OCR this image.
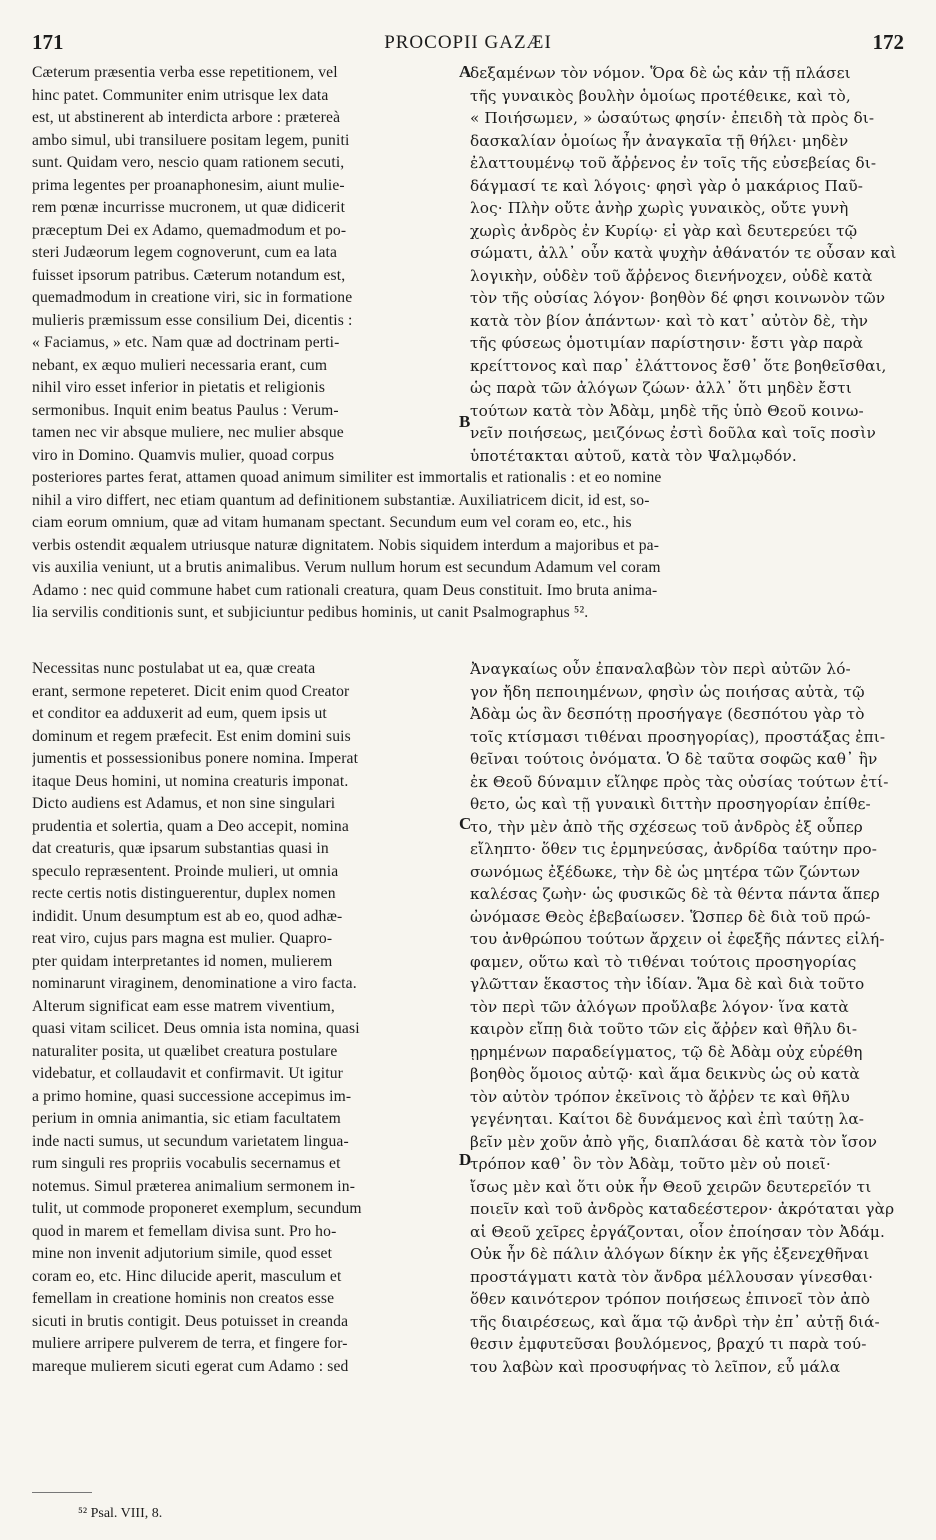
171	PROCOPII GAZÆI	172
Cæterum præsentia verba esse repetitionem, vel
hinc patet. Communiter enim utrisque lex data
est, ut abstinerent ab interdicta arbore : prætereà
ambo simul, ubi transiluere positam legem, puniti
sunt. Quidam vero, nescio quam rationem secuti,
prima legentes per proanaphonesim, aiunt mulie-
rem pœnæ incurrisse mucronem, ut quæ didicerit
præceptum Dei ex Adamo, quemadmodum et po-
steri Judæorum legem cognoverunt, cum ea lata
fuisset ipsorum patribus. Cæterum notandum est,
quemadmodum in creatione viri, sic in formatione
mulieris præmissum esse consilium Dei, dicentis :
« Faciamus, » etc. Nam quæ ad doctrinam perti-
nebant, ex æquo mulieri necessaria erant, cum
nihil viro esset inferior in pietatis et religionis
sermonibus. Inquit enim beatus Paulus : Verum-
tamen nec vir absque muliere, nec mulier absque
viro in Domino. Quamvis mulier, quoad corpus
δεξαμένων τὸν νόμον. Ὅρα δὲ ὡς κἀν τῇ πλάσει
τῆς γυναικὸς βουλὴν ὁμοίως προτέθεικε, καὶ τὸ,
« Ποιήσωμεν, » ὡσαύτως φησίν· ἐπειδὴ τὰ πρὸς δι-
δασκαλίαν ὁμοίως ἦν ἀναγκαῖα τῇ θήλει· μηδὲν
ἐλαττουμένῳ τοῦ ἄῤῥενος ἐν τοῖς τῆς εὐσεβείας δι-
δάγμασί τε καὶ λόγοις· φησὶ γὰρ ὁ μακάριος Παῦ-
λος· Πλὴν οὔτε ἀνὴρ χωρὶς γυναικὸς, οὔτε γυνὴ
χωρὶς ἀνδρὸς ἐν Κυρίῳ· εἰ γὰρ καὶ δευτερεύει τῷ
σώματι, ἀλλ᾽ οὖν κατὰ ψυχὴν ἀθάνατόν τε οὖσαν καὶ
λογικὴν, οὐδὲν τοῦ ἄῤῥενος διενήνοχεν, οὐδὲ κατὰ
τὸν τῆς οὐσίας λόγον· βοηθὸν δέ φησι κοινωνὸν τῶν
κατὰ τὸν βίον ἁπάντων· καὶ τὸ κατ᾽ αὐτὸν δὲ, τὴν
τῆς φύσεως ὁμοτιμίαν παρίστησιν· ἔστι γὰρ παρὰ
κρείττονος καὶ παρ᾽ ἐλάττονος ἔσθ᾽ ὅτε βοηθεῖσθαι,
ὡς παρὰ τῶν ἀλόγων ζώων· ἀλλ᾽ ὅτι μηδὲν ἔστι
τούτων κατὰ τὸν Ἀδὰμ, μηδὲ τῆς ὑπὸ Θεοῦ κοινω-
νεῖν ποιήσεως, μειζόνως ἐστὶ δοῦλα καὶ τοῖς ποσὶν
ὑποτέτακται αὐτοῦ, κατὰ τὸν Ψαλμῳδόν.
A
B
posteriores partes ferat, attamen quoad animum similiter est immortalis et rationalis : et eo nomine
nihil a viro differt, nec etiam quantum ad definitionem substantiæ. Auxiliatricem dicit, id est, so-
ciam eorum omnium, quæ ad vitam humanam spectant. Secundum eum vel coram eo, etc., his
verbis ostendit æqualem utriusque naturæ dignitatem. Nobis siquidem interdum a majoribus et pa-
vis auxilia veniunt, ut a brutis animalibus. Verum nullum horum est secundum Adamum vel coram
Adamo : nec quid commune habet cum rationali creatura, quam Deus constituit. Imo bruta anima-
lia servilis conditionis sunt, et subjiciuntur pedibus hominis, ut canit Psalmographus ⁵².
Necessitas nunc postulabat ut ea, quæ creata
erant, sermone repeteret. Dicit enim quod Creator
et conditor ea adduxerit ad eum, quem ipsis ut
dominum et regem præfecit. Est enim domini suis
jumentis et possessionibus ponere nomina. Imperat
itaque Deus homini, ut nomina creaturis imponat.
Dicto audiens est Adamus, et non sine singulari
prudentia et solertia, quam a Deo accepit, nomina
dat creaturis, quæ ipsarum substantias quasi in
speculo repræsentent. Proinde mulieri, ut omnia
recte certis notis distinguerentur, duplex nomen
indidit. Unum desumptum est ab eo, quod adhæ-
reat viro, cujus pars magna est mulier. Quapro-
pter quidam interpretantes id nomen, mulierem
nominarunt viraginem, denominatione a viro facta.
Alterum significat eam esse matrem viventium,
quasi vitam scilicet. Deus omnia ista nomina, quasi
naturaliter posita, ut quælibet creatura postulare
videbatur, et collaudavit et confirmavit. Ut igitur
a primo homine, quasi successione accepimus im-
perium in omnia animantia, sic etiam facultatem
inde nacti sumus, ut secundum varietatem lingua-
rum singuli res propriis vocabulis secernamus et
notemus. Simul præterea animalium sermonem in-
tulit, ut commode proponeret exemplum, secundum
quod in marem et femellam divisa sunt. Pro ho-
mine non invenit adjutorium simile, quod esset
coram eo, etc. Hinc dilucide aperit, masculum et
femellam in creatione hominis non creatos esse
sicuti in brutis contigit. Deus potuisset in creanda
muliere arripere pulverem de terra, et fingere for-
mareque mulierem sicuti egerat cum Adamo : sed
Ἀναγκαίως οὖν ἐπαναλαβὼν τὸν περὶ αὐτῶν λό-
γον ἤδη πεποιημένων, φησὶν ὡς ποιήσας αὐτὰ, τῷ
Ἀδὰμ ὡς ἂν δεσπότῃ προσήγαγε (δεσπότου γὰρ τὸ
τοῖς κτίσμασι τιθέναι προσηγορίας), προστάξας ἐπι-
θεῖναι τούτοις ὀνόματα. Ὁ δὲ ταῦτα σοφῶς καθ᾽ ἣν
ἐκ Θεοῦ δύναμιν εἴληφε πρὸς τὰς οὐσίας τούτων ἐτί-
θετο, ὡς καὶ τῇ γυναικὶ διττὴν προσηγορίαν ἐπίθε-
το, τὴν μὲν ἀπὸ τῆς σχέσεως τοῦ ἀνδρὸς ἐξ οὗπερ
εἴληπτο· ὅθεν τις ἑρμηνεύσας, ἀνδρίδα ταύτην προ-
σωνόμως ἐξέδωκε, τὴν δὲ ὡς μητέρα τῶν ζώντων
καλέσας ζωὴν· ὡς φυσικῶς δὲ τὰ θέντα πάντα ἅπερ
ὠνόμασε Θεὸς ἐβεβαίωσεν. Ὥσπερ δὲ διὰ τοῦ πρώ-
του ἀνθρώπου τούτων ἄρχειν οἱ ἐφεξῆς πάντες εἰλή-
φαμεν, οὕτω καὶ τὸ τιθέναι τούτοις προσηγορίας
γλῶτταν ἕκαστος τὴν ἰδίαν. Ἅμα δὲ καὶ διὰ τοῦτο
τὸν περὶ τῶν ἀλόγων προὔλαβε λόγον· ἵνα κατὰ
καιρὸν εἴπῃ διὰ τοῦτο τῶν εἰς ἄῤῥεν καὶ θῆλυ δι-
ῃρημένων παραδείγματος, τῷ δὲ Ἀδὰμ οὐχ εὑρέθη
βοηθὸς ὅμοιος αὐτῷ· καὶ ἅμα δεικνὺς ὡς οὐ κατὰ
τὸν αὐτὸν τρόπον ἐκεῖνοις τὸ ἄῤῥεν τε καὶ θῆλυ
γεγένηται. Καίτοι δὲ δυνάμενος καὶ ἐπὶ ταύτῃ λα-
βεῖν μὲν χοῦν ἀπὸ γῆς, διαπλάσαι δὲ κατὰ τὸν ἴσον
τρόπον καθ᾽ ὃν τὸν Ἀδὰμ, τοῦτο μὲν οὐ ποιεῖ·
ἴσως μὲν καὶ ὅτι οὐκ ἦν Θεοῦ χειρῶν δευτερεῖόν τι
ποιεῖν καὶ τοῦ ἀνδρὸς καταδεέστερον· ἀκρόταται γὰρ
αἱ Θεοῦ χεῖρες ἐργάζονται, οἷον ἐποίησαν τὸν Ἀδάμ.
Οὐκ ἦν δὲ πάλιν ἀλόγων δίκην ἐκ γῆς ἐξενεχθῆναι
προστάγματι κατὰ τὸν ἄνδρα μέλλουσαν γίνεσθαι·
ὅθεν καινότερον τρόπον ποιήσεως ἐπινοεῖ τὸν ἀπὸ
τῆς διαιρέσεως, καὶ ἅμα τῷ ἀνδρὶ τὴν ἐπ᾽ αὐτῇ διά-
θεσιν ἐμφυτεῦσαι βουλόμενος, βραχύ τι παρὰ τού-
του λαβὼν καὶ προσυφήνας τὸ λεῖπον, εὖ μάλα
C
D
⁵² Psal. VIII, 8.
